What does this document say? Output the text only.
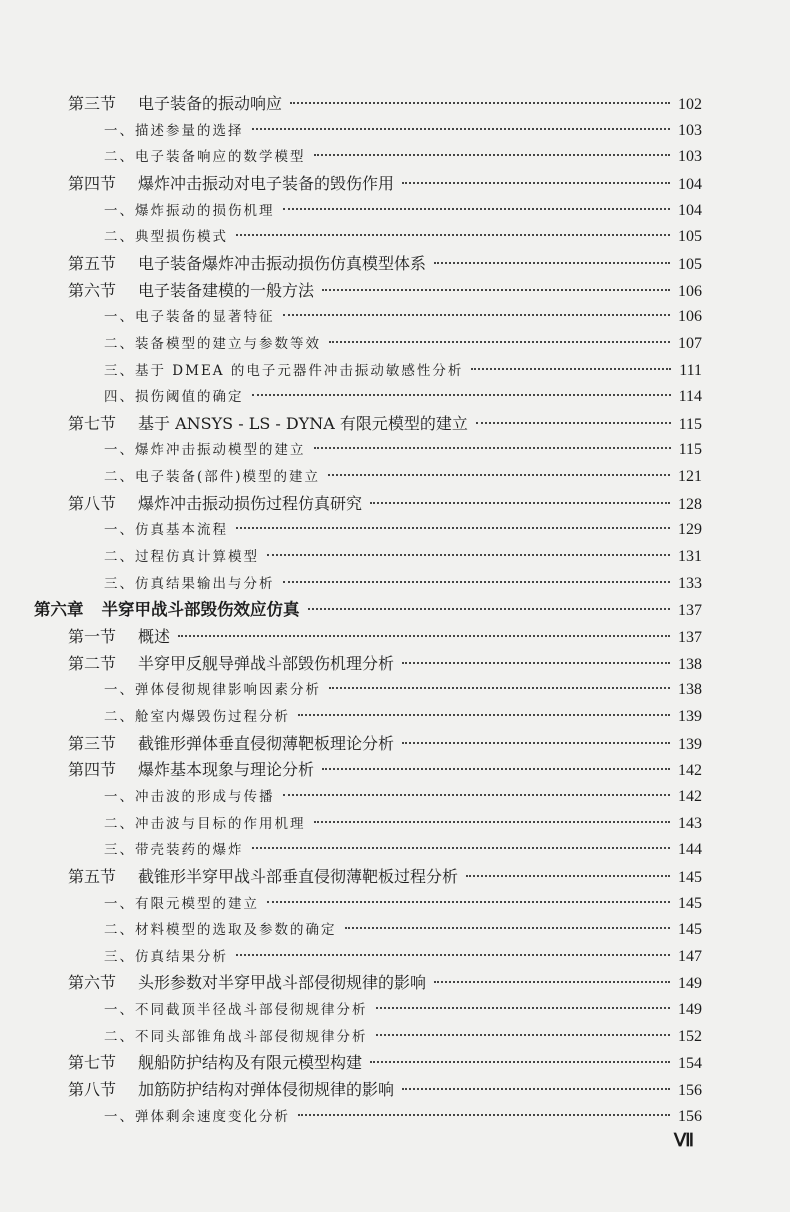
第三节 电子装备的振动响应	102
一、描述参量的选择	103
二、电子装备响应的数学模型	103
第四节 爆炸冲击振动对电子装备的毁伤作用	104
一、爆炸振动的损伤机理	104
二、典型损伤模式	105
第五节 电子装备爆炸冲击振动损伤仿真模型体系	105
第六节 电子装备建模的一般方法	106
一、电子装备的显著特征	106
二、装备模型的建立与参数等效	107
三、基于 DMEA 的电子元器件冲击振动敏感性分析	111
四、损伤阈值的确定	114
第七节 基于 ANSYS - LS - DYNA 有限元模型的建立	115
一、爆炸冲击振动模型的建立	115
二、电子装备(部件)模型的建立	121
第八节 爆炸冲击振动损伤过程仿真研究	128
一、仿真基本流程	129
二、过程仿真计算模型	131
三、仿真结果输出与分析	133
第六章 半穿甲战斗部毁伤效应仿真	137
第一节 概述	137
第二节 半穿甲反舰导弹战斗部毁伤机理分析	138
一、弹体侵彻规律影响因素分析	138
二、舱室内爆毁伤过程分析	139
第三节 截锥形弹体垂直侵彻薄靶板理论分析	139
第四节 爆炸基本现象与理论分析	142
一、冲击波的形成与传播	142
二、冲击波与目标的作用机理	143
三、带壳装药的爆炸	144
第五节 截锥形半穿甲战斗部垂直侵彻薄靶板过程分析	145
一、有限元模型的建立	145
二、材料模型的选取及参数的确定	145
三、仿真结果分析	147
第六节 头形参数对半穿甲战斗部侵彻规律的影响	149
一、不同截顶半径战斗部侵彻规律分析	149
二、不同头部锥角战斗部侵彻规律分析	152
第七节 舰船防护结构及有限元模型构建	154
第八节 加筋防护结构对弹体侵彻规律的影响	156
一、弹体剩余速度变化分析	156
Ⅶ
